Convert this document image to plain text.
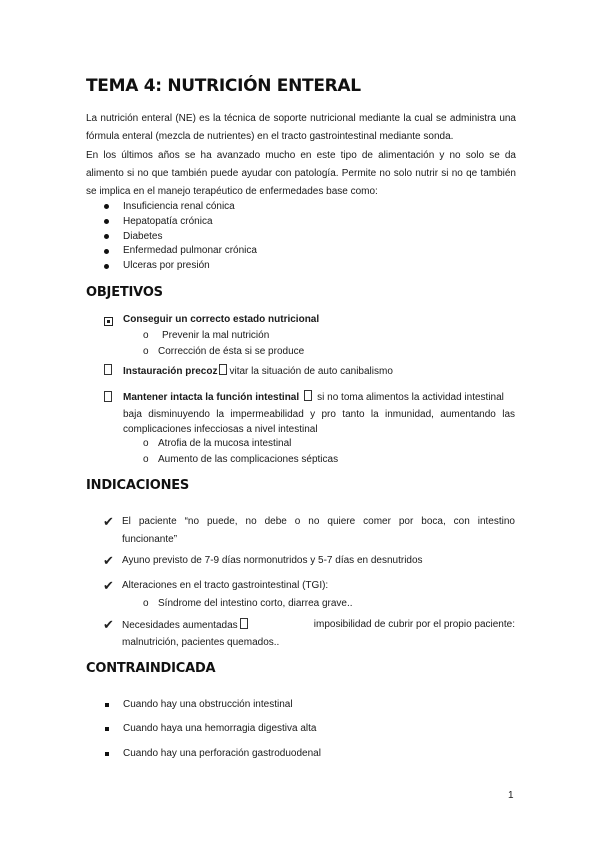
TEMA 4: NUTRICIÓN ENTERAL

La nutrición enteral (NE) es la técnica de soporte nutricional mediante la cual se administra una fórmula enteral (mezcla de nutrientes) en el tracto gastrointestinal mediante sonda.

En los últimos años se ha avanzado mucho en este tipo de alimentación y no solo se da alimento si no que también puede ayudar con patología. Permite no solo nutrir si no qe también se implica en el manejo terapéutico de enfermedades base como:

Insuficiencia renal cónica
Hepatopatía crónica
Diabetes
Enfermedad pulmonar crónica
Ulceras por presión
OBJETIVOS
Conseguir un correcto estado nutricional
o Prevenir la mal nutrición
o Corrección de ésta si se produce
Instauración precoz vitar la situación de auto canibalismo
Mantener intacta la función intestinal si no toma alimentos la actividad intestinal
baja disminuyendo la impermeabilidad y pro tanto la inmunidad, aumentando las
complicaciones infecciosas a nivel intestinal
o Atrofia de la mucosa intestinal
o Aumento de las complicaciones sépticas
INDICACIONES
✔ El paciente “no puede, no debe o no quiere comer por boca, con intestino
funcionante”
✔ Ayuno previsto de 7-9 días normonutridos y 5-7 días en desnutridos
✔ Alteraciones en el tracto gastrointestinal (TGI):
o Síndrome del intestino corto, diarrea grave..
✔ Necesidades aumentadas	imposibilidad de cubrir por el propio paciente:
malnutrición, pacientes quemados..
CONTRAINDICADA
Cuando hay una obstrucción intestinal
Cuando haya una hemorragia digestiva alta
Cuando hay una perforación gastroduodenal
1
